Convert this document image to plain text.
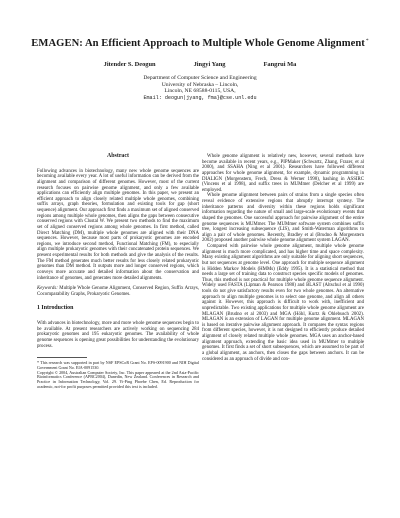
EMAGEN: An Efficient Approach to Multiple Whole Genome Alignment*
Jitender S. Deogun	Jingyi Yang	Fangrui Ma
Department of Computer Science and Engineering
University of Nebraska – Lincoln,
Lincoln, NE 68588-0115, USA,
Email: deogun|jyang, fma}@cse.unl.edu
Abstract
Following advances in biotechnology, many new whole genome sequences are becoming available every year. A lot of useful information can be derived from the alignment and comparison of different genomes. However, most of the current research focuses on pairwise genome alignment, and only a few available applications can efficiently align multiple genomes. In this paper, we present an efficient approach to align closely related multiple whole genomes, combining suffix arrays, graph theories, formulation and existing tools for gap (short sequence) alignment. Our approach first finds a maximum set of aligned conserved regions among multiple whole genomes, then aligns the gaps between consecutive conserved regions with Clustal W. We present two methods to find the maximum set of aligned conserved regions among whole genomes. In first method, called Direct Matching (DM), multiple whole genomes are aligned with their DNA sequences. However, because most parts of prokaryotic genomes are encoded regions, we introduce second method, Functional Matching (FM), to especially align multiple prokaryotic genomes with their concatenated protein sequences. We present experimental results for both methods and give the analysis of the results. The FM method generates much better results for less closely related prokaryotic genomes than DM method. It outputs more and longer conserved regions, which conveys more accurate and detailed information about the conservation and inheritance of genomes, and generates more detailed alignments.
Keywords: Multiple Whole Genome Alignment, Conserved Region, Suffix Arrays, Cocomparability Graphs, Prokaryotic Genomes.
1 Introduction
With advances in biotechnology, more and more whole genome sequences begin to be available. At present researchers are actively working on sequencing 284 prokaryotic genomes and 195 eukaryotic genomes. The availability of whole genome sequences is opening great possibilities for understanding the evolutionary process.
* This research was supported in part by NSF EPSCoR Grant No. EPS-0091900 and NIH Digital Government Grant No. EIA-0091530.
Copyright © 2004, Australian Computer Society, Inc. This paper appeared at the 2nd Asia-Pacific Bioinformatics Conference (APBC2004), Dunedin, New Zealand. Conferences in Research and Practice in Information Technology, Vol. 29. Yi-Ping Phoebe Chen, Ed. Reproduction for academic, not-for profit purposes permitted provided this text is included.
Whole genome alignment is relatively new, however, several methods have become available in recent years, e.g., PIPMaker (Schwartz, Zhang, Frazer, et al 2000), and SSAHA (Ning et al 2001). Researchers have followed different approaches for whole genome alignment, for example, dynamic programming in DIALIGN (Morgenstern, Frech, Dress & Werner 1998), hashing in ASSIRC (Vincens et al 1998), and suffix trees in MUMmer (Delcher et al 1999) are employed.
Whole genome alignment between pairs of strains from a single species often reveal evidence of extensive regions that abruptly interrupt synteny. The inheritance patterns and diversity within these regions holds significant information regarding the nature of small and large-scale evolutionary events that shaped the genomes. One successful approach for pairwise alignment of the entire genome sequences is MUMmer. The MUMmer software system combines suffix tree, longest increasing subsequence (LIS), and Smith-Waterman algorithms to align a pair of whole genomes. Recently, Bradley et al (Brudno & Morgenstern 2002) proposed another pairwise whole genome alignment system LAGAN.
Compared with pairwise whole genome alignment, multiple whole genome alignment is much more complicated, and has higher time and space complexity. Many existing alignment algorithms are only suitable for aligning short sequences, but not sequences at genome level. One approach for multiple sequence alignment is Hidden Markov Models (HMMs) (Eddy 1995). It is a statistical method that needs a large set of training data to construct species specific models of genomes. Thus, this method is not practical for multiple whole genome sequence alignment. Widely used FASTA (Lipman & Pearson 1988) and BLAST (Altschul et al 1990) tools do not give satisfactory results even for two whole genomes. An alternative approach to align multiple genomes is to select one genome, and align all others against it. However, this approach is difficult to work with, inefficient and unpredictable. Two existing applications for multiple whole genome alignment are MLAGAN (Brudno et al 2003) and MGA (Höhl, Kurtz & Ohlebusch 2002). MLAGAN is an extension of LAGAN for multiple genome alignment. MLAGAN is based on iterative pairwise alignment approach. It compares the syntax regions from different species, however, it is not designed to efficiently produce detailed alignment of closely related multiple whole genomes. MGA uses an anchor-based alignment approach, extending the basic idea used in MUMmer to multiple genomes. It first finds a set of short subsequences, which are assumed to be part of a global alignment, as anchors, then closes the gaps between anchors. It can be considered as an approach of divide and con-
